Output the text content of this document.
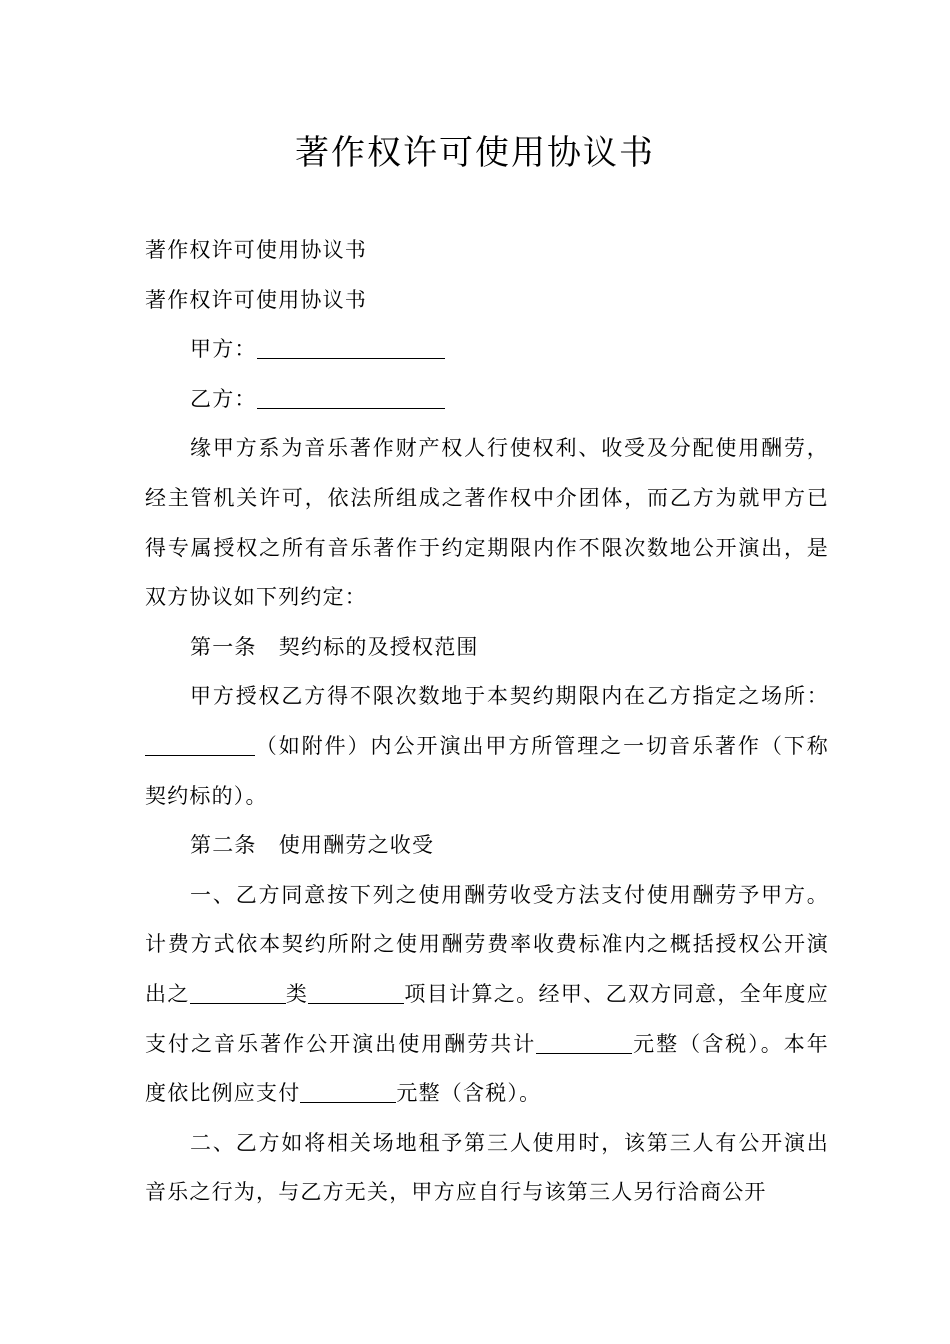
著作权许可使用协议书

著作权许可使用协议书

著作权许可使用协议书

甲方：

乙方：

缘甲方系为音乐著作财产权人行使权利、收受及分配使用酬劳，经主管机关许可，依法所组成之著作权中介团体，而乙方为就甲方已得专属授权之所有音乐著作于约定期限内作不限次数地公开演出，是双方协议如下列约定：

第一条　契约标的及授权范围

甲方授权乙方得不限次数地于本契约期限内在乙方指定之场所：（如附件）内公开演出甲方所管理之一切音乐著作（下称契约标的）。

第二条　使用酬劳之收受

一、乙方同意按下列之使用酬劳收受方法支付使用酬劳予甲方。计费方式依本契约所附之使用酬劳费率收费标准内之概括授权公开演出之	类	项目计算之。经甲、乙双方同意，全年度应支付之音乐著作公开演出使用酬劳共计	元整（含税）。本年度依比例应支付	元整（含税）。

二、乙方如将相关场地租予第三人使用时，该第三人有公开演出音乐之行为，与乙方无关，甲方应自行与该第三人另行洽商公开
